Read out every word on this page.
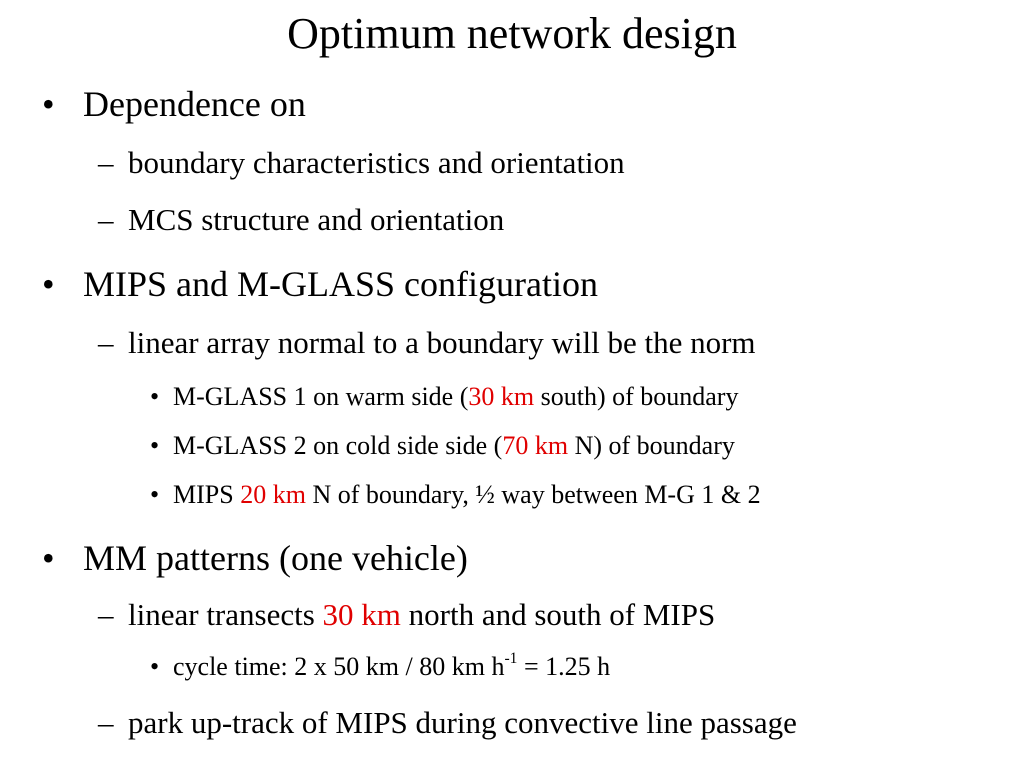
Optimum network design
• Dependence on
– boundary characteristics and orientation
– MCS structure and orientation
• MIPS and M-GLASS configuration
– linear array normal to a boundary will be the norm
• M-GLASS 1 on warm side (30 km south) of boundary
• M-GLASS 2 on cold side side (70 km N) of boundary
• MIPS 20 km N of boundary, ½ way between M-G 1 & 2
• MM patterns (one vehicle)
– linear transects 30 km north and south of MIPS
• cycle time: 2 x 50 km / 80 km $h^{-1} = 1.25$ h
– park up-track of MIPS during convective line passage
